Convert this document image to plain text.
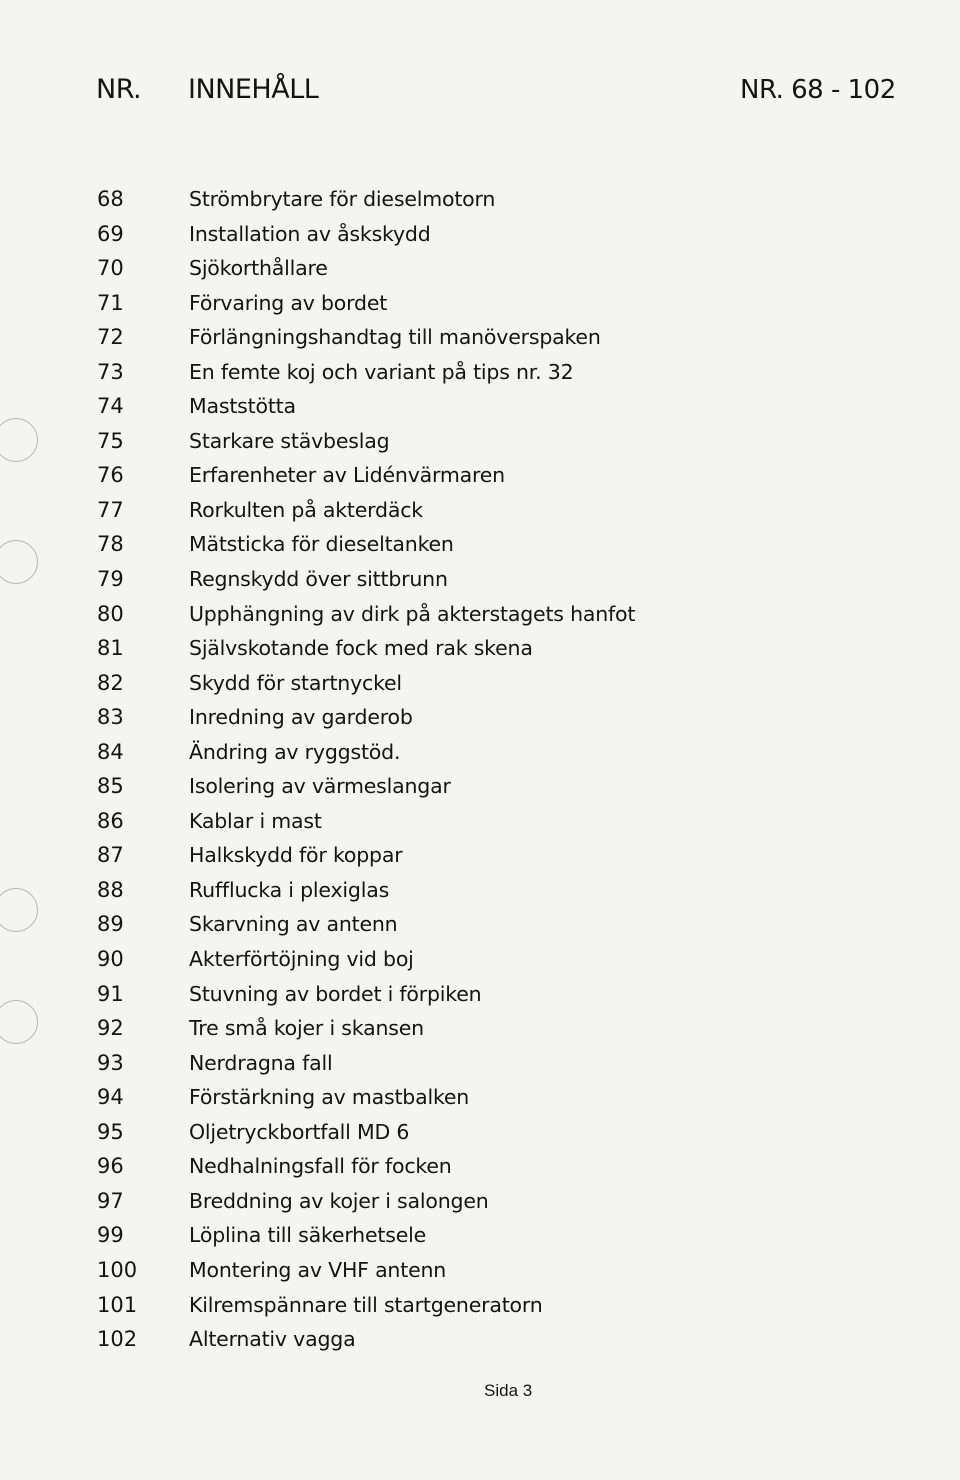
NR. INNEHÅLL	NR. 68 - 102
68	Strömbrytare för dieselmotorn
69	Installation av åskskydd
70	Sjökorthållare
71	Förvaring av bordet
72	Förlängningshandtag till manöverspaken
73	En femte koj och variant på tips nr. 32
74	Maststötta
75	Starkare stävbeslag
76	Erfarenheter av Lidénvärmaren
77	Rorkulten på akterdäck
78	Mätsticka för dieseltanken
79	Regnskydd över sittbrunn
80	Upphängning av dirk på akterstagets hanfot
81	Självskotande fock med rak skena
82	Skydd för startnyckel
83	Inredning av garderob
84	Ändring av ryggstöd.
85	Isolering av värmeslangar
86	Kablar i mast
87	Halkskydd för koppar
88	Rufflucka i plexiglas
89	Skarvning av antenn
90	Akterförtöjning vid boj
91	Stuvning av bordet i förpiken
92	Tre små kojer i skansen
93	Nerdragna fall
94	Förstärkning av mastbalken
95	Oljetryckbortfall MD 6
96	Nedhalningsfall för focken
97	Breddning av kojer i salongen
99	Löplina till säkerhetsele
100	Montering av VHF antenn
101	Kilremspännare till startgeneratorn
102	Alternativ vagga
Sida 3
